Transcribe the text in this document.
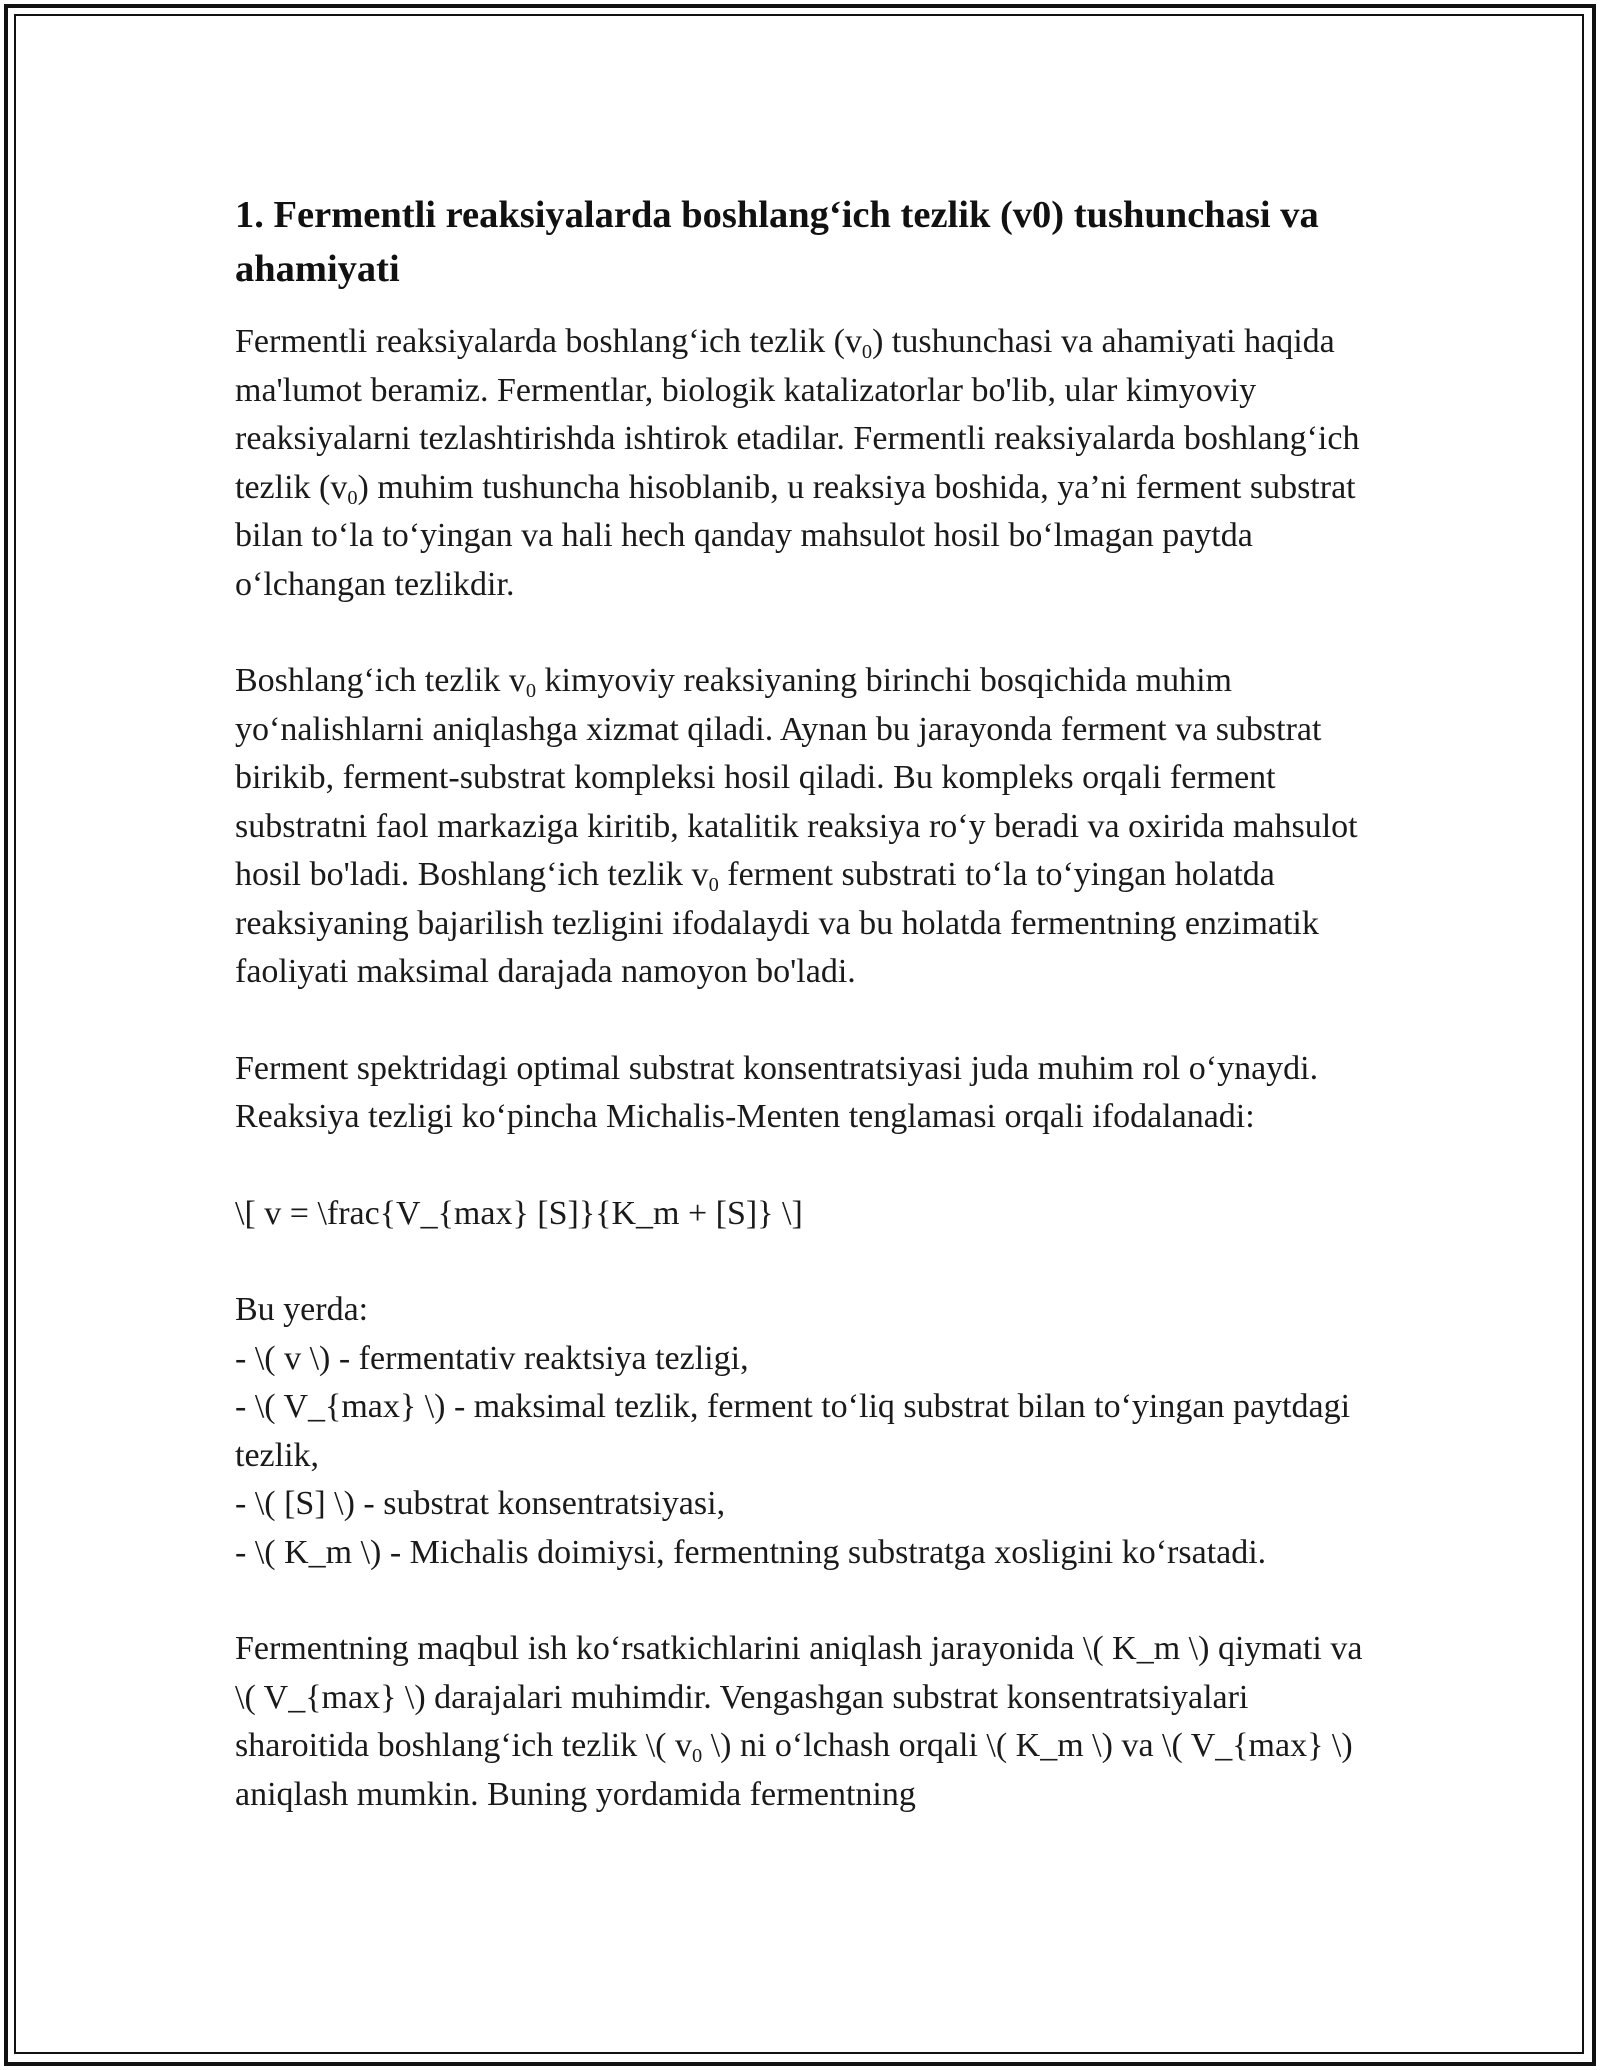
1. Fermentli reaksiyalarda boshlang‘ich tezlik (v0) tushunchasi va ahamiyati

Fermentli reaksiyalarda boshlang‘ich tezlik $(v_0)$ tushunchasi va ahamiyati haqida ma'lumot beramiz. Fermentlar, biologik katalizatorlar bo'lib, ular kimyoviy reaksiyalarni tezlashtirishda ishtirok etadilar. Fermentli reaksiyalarda boshlang‘ich tezlik $(v_0)$ muhim tushuncha hisoblanib, u reaksiya boshida, ya’ni ferment substrat bilan to‘la to‘yingan va hali hech qanday mahsulot hosil bo‘lmagan paytda o‘lchangan tezlikdir.

Boshlang‘ich tezlik $v_0$ kimyoviy reaksiyaning birinchi bosqichida muhim yo‘nalishlarni aniqlashga xizmat qiladi. Aynan bu jarayonda ferment va substrat birikib, ferment-substrat kompleksi hosil qiladi. Bu kompleks orqali ferment substratni faol markaziga kiritib, katalitik reaksiya ro‘y beradi va oxirida mahsulot hosil bo'ladi. Boshlang‘ich tezlik $v_0$ ferment substrati to‘la to‘yingan holatda reaksiyaning bajarilish tezligini ifodalaydi va bu holatda fermentning enzimatik faoliyati maksimal darajada namoyon bo'ladi.

Ferment spektridagi optimal substrat konsentratsiyasi juda muhim rol o‘ynaydi. Reaksiya tezligi ko‘pincha Michalis-Menten tenglamasi orqali ifodalanadi:

\[ v = \frac{V_{max} [S]}{K_m + [S]} \]

Bu yerda:

- \( v \) - fermentativ reaktsiya tezligi,

- \( V_{max} \) - maksimal tezlik, ferment to‘liq substrat bilan to‘yingan paytdagi tezlik,

- \( [S] \) - substrat konsentratsiyasi,

- \( K_m \) - Michalis doimiysi, fermentning substratga xosligini ko‘rsatadi.

Fermentning maqbul ish ko‘rsatkichlarini aniqlash jarayonida \( K_m \) qiymati va \( V_{max} \) darajalari muhimdir. Vengashgan substrat konsentratsiyalari sharoitida boshlang‘ich tezlik \( $v_0$ \) ni o‘lchash orqali \( K_m \) va \( V_{max} \) aniqlash mumkin. Buning yordamida fermentning
